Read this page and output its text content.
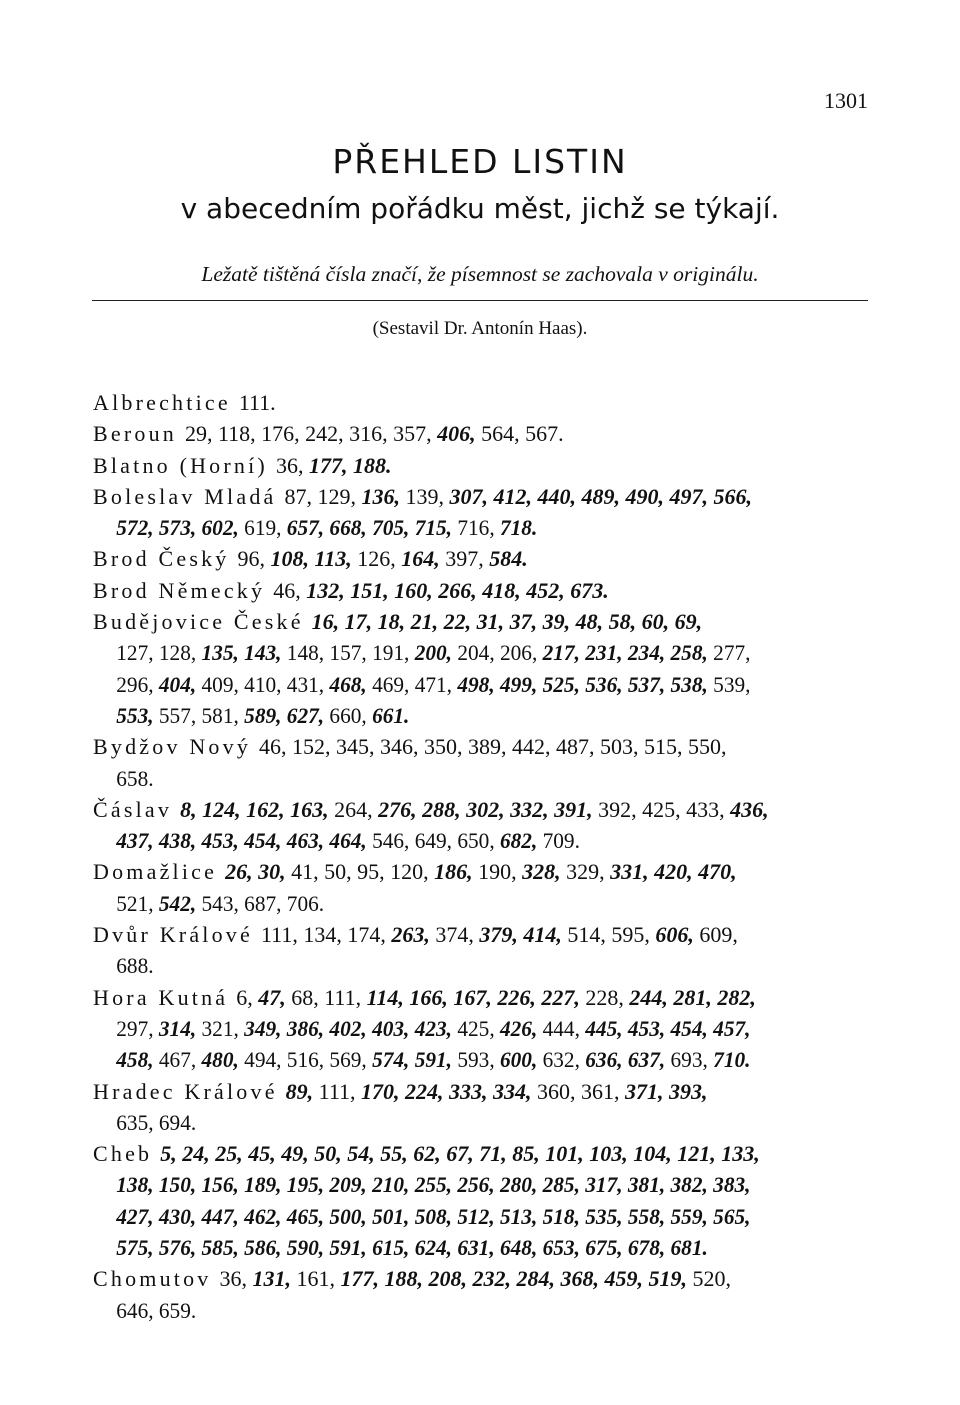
1301
PŘEHLED LISTIN
v abecedním pořádku měst, jichž se týkají.
Ležatě tištěná čísla značí, že písemnost se zachovala v originálu.
(Sestavil Dr. Antonín Haas).
Albrechtice 111.
Beroun 29, 118, 176, 242, 316, 357, 406, 564, 567.
Blatno (Horní) 36, 177, 188.
Boleslav Mladá 87, 129, 136, 139, 307, 412, 440, 489, 490, 497, 566,
572, 573, 602, 619, 657, 668, 705, 715, 716, 718.
Brod Český 96, 108, 113, 126, 164, 397, 584.
Brod Německý 46, 132, 151, 160, 266, 418, 452, 673.
Budějovice České 16, 17, 18, 21, 22, 31, 37, 39, 48, 58, 60, 69,
127, 128, 135, 143, 148, 157, 191, 200, 204, 206, 217, 231, 234, 258, 277,
296, 404, 409, 410, 431, 468, 469, 471, 498, 499, 525, 536, 537, 538, 539,
553, 557, 581, 589, 627, 660, 661.
Bydžov Nový 46, 152, 345, 346, 350, 389, 442, 487, 503, 515, 550,
658.
Čáslav 8, 124, 162, 163, 264, 276, 288, 302, 332, 391, 392, 425, 433, 436,
437, 438, 453, 454, 463, 464, 546, 649, 650, 682, 709.
Domažlice 26, 30, 41, 50, 95, 120, 186, 190, 328, 329, 331, 420, 470,
521, 542, 543, 687, 706.
Dvůr Králové 111, 134, 174, 263, 374, 379, 414, 514, 595, 606, 609,
688.
Hora Kutná 6, 47, 68, 111, 114, 166, 167, 226, 227, 228, 244, 281, 282,
297, 314, 321, 349, 386, 402, 403, 423, 425, 426, 444, 445, 453, 454, 457,
458, 467, 480, 494, 516, 569, 574, 591, 593, 600, 632, 636, 637, 693, 710.
Hradec Králové 89, 111, 170, 224, 333, 334, 360, 361, 371, 393,
635, 694.
Cheb 5, 24, 25, 45, 49, 50, 54, 55, 62, 67, 71, 85, 101, 103, 104, 121, 133,
138, 150, 156, 189, 195, 209, 210, 255, 256, 280, 285, 317, 381, 382, 383,
427, 430, 447, 462, 465, 500, 501, 508, 512, 513, 518, 535, 558, 559, 565,
575, 576, 585, 586, 590, 591, 615, 624, 631, 648, 653, 675, 678, 681.
Chomutov 36, 131, 161, 177, 188, 208, 232, 284, 368, 459, 519, 520,
646, 659.
